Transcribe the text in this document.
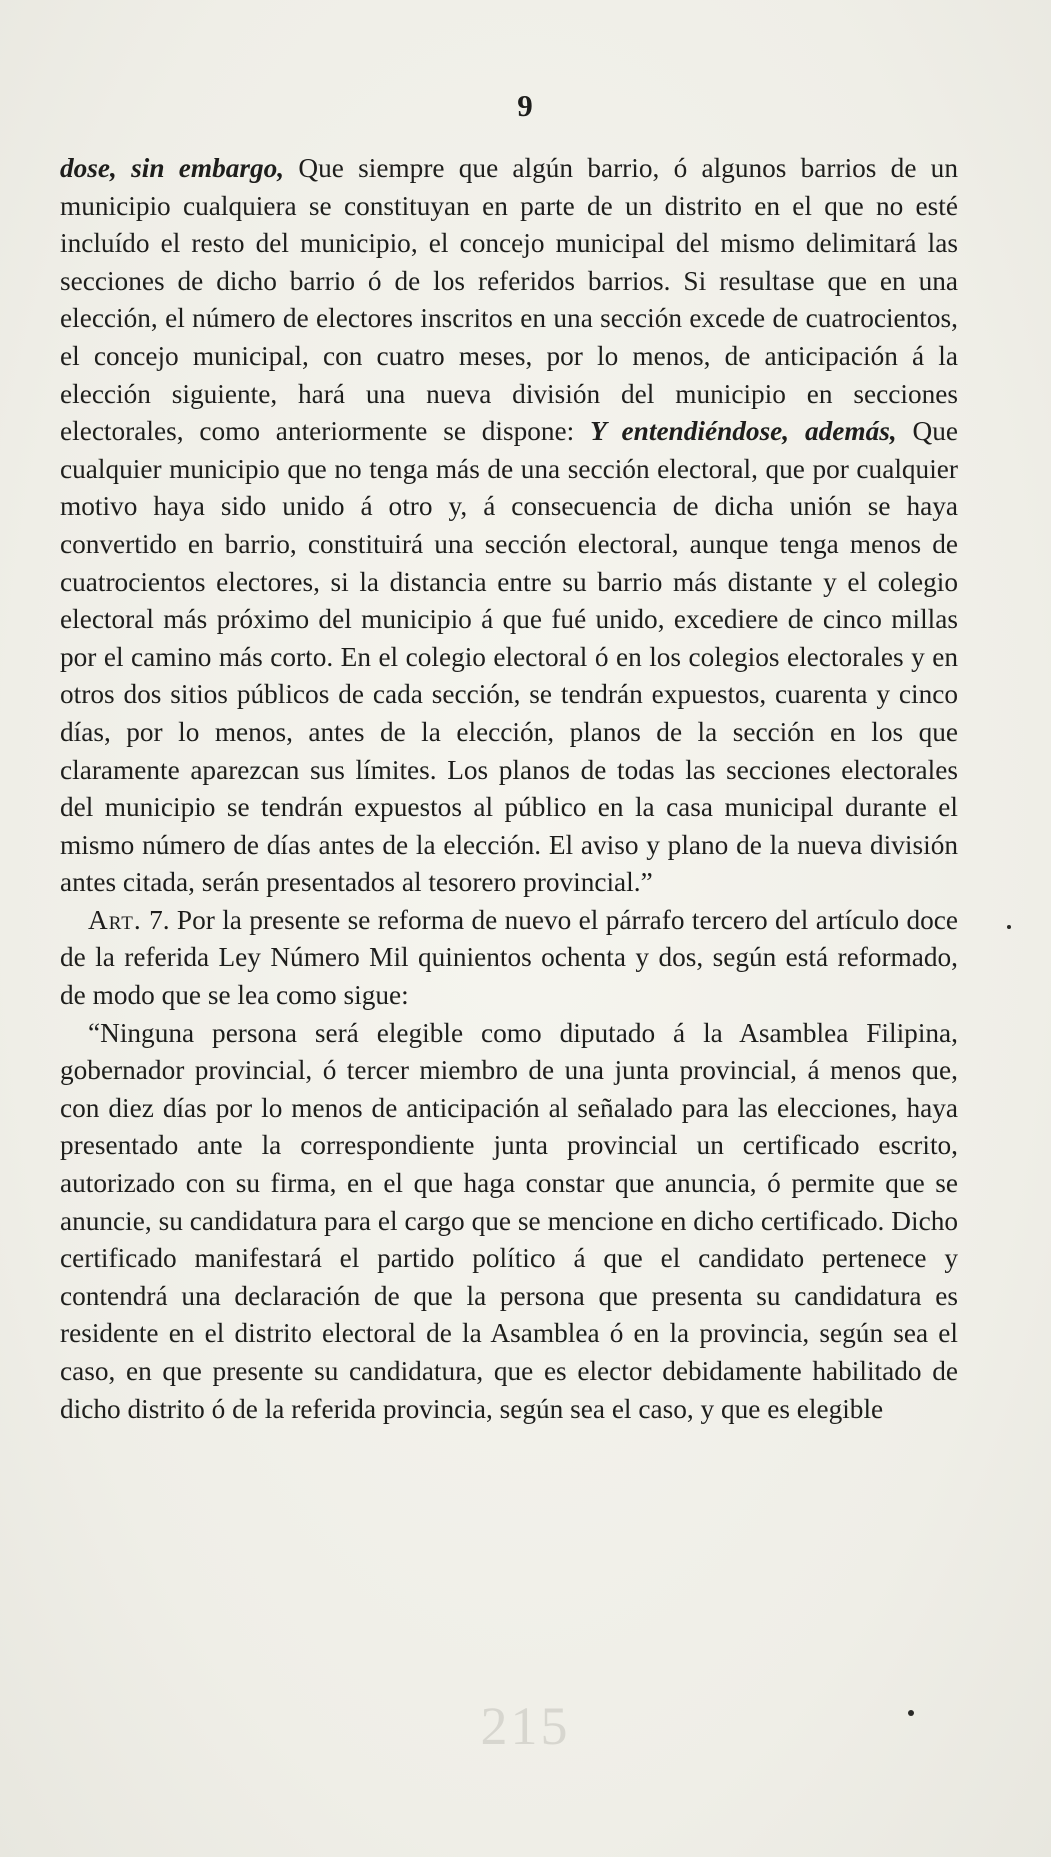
9

dose, sin embargo, Que siempre que algún barrio, ó algunos barrios de un municipio cualquiera se constituyan en parte de un distrito en el que no esté incluído el resto del municipio, el concejo municipal del mismo delimitará las secciones de dicho barrio ó de los referidos barrios. Si resultase que en una elección, el número de electores inscritos en una sección excede de cuatrocientos, el concejo municipal, con cuatro meses, por lo menos, de anticipación á la elección siguiente, hará una nueva división del municipio en secciones electorales, como anteriormente se dispone: Y entendiéndose, además, Que cualquier municipio que no tenga más de una sección electoral, que por cualquier motivo haya sido unido á otro y, á consecuencia de dicha unión se haya convertido en barrio, constituirá una sección electoral, aunque tenga menos de cuatrocientos electores, si la distancia entre su barrio más distante y el colegio electoral más próximo del municipio á que fué unido, excediere de cinco millas por el camino más corto. En el colegio electoral ó en los colegios electorales y en otros dos sitios públicos de cada sección, se tendrán expuestos, cuarenta y cinco días, por lo menos, antes de la elección, planos de la sección en los que claramente aparezcan sus límites. Los planos de todas las secciones electorales del municipio se tendrán expuestos al público en la casa municipal durante el mismo número de días antes de la elección. El aviso y plano de la nueva división antes citada, serán presentados al tesorero provincial.”

Art. 7. Por la presente se reforma de nuevo el párrafo tercero del artículo doce de la referida Ley Número Mil quinientos ochenta y dos, según está reformado, de modo que se lea como sigue:

“Ninguna persona será elegible como diputado á la Asamblea Filipina, gobernador provincial, ó tercer miembro de una junta provincial, á menos que, con diez días por lo menos de anticipación al señalado para las elecciones, haya presentado ante la correspondiente junta provincial un certificado escrito, autorizado con su firma, en el que haga constar que anuncia, ó permite que se anuncie, su candidatura para el cargo que se mencione en dicho certificado. Dicho certificado manifestará el partido político á que el candidato pertenece y contendrá una declaración de que la persona que presenta su candidatura es residente en el distrito electoral de la Asamblea ó en la provincia, según sea el caso, en que presente su candidatura, que es elector debidamente habilitado de dicho distrito ó de la referida provincia, según sea el caso, y que es elegible

215
